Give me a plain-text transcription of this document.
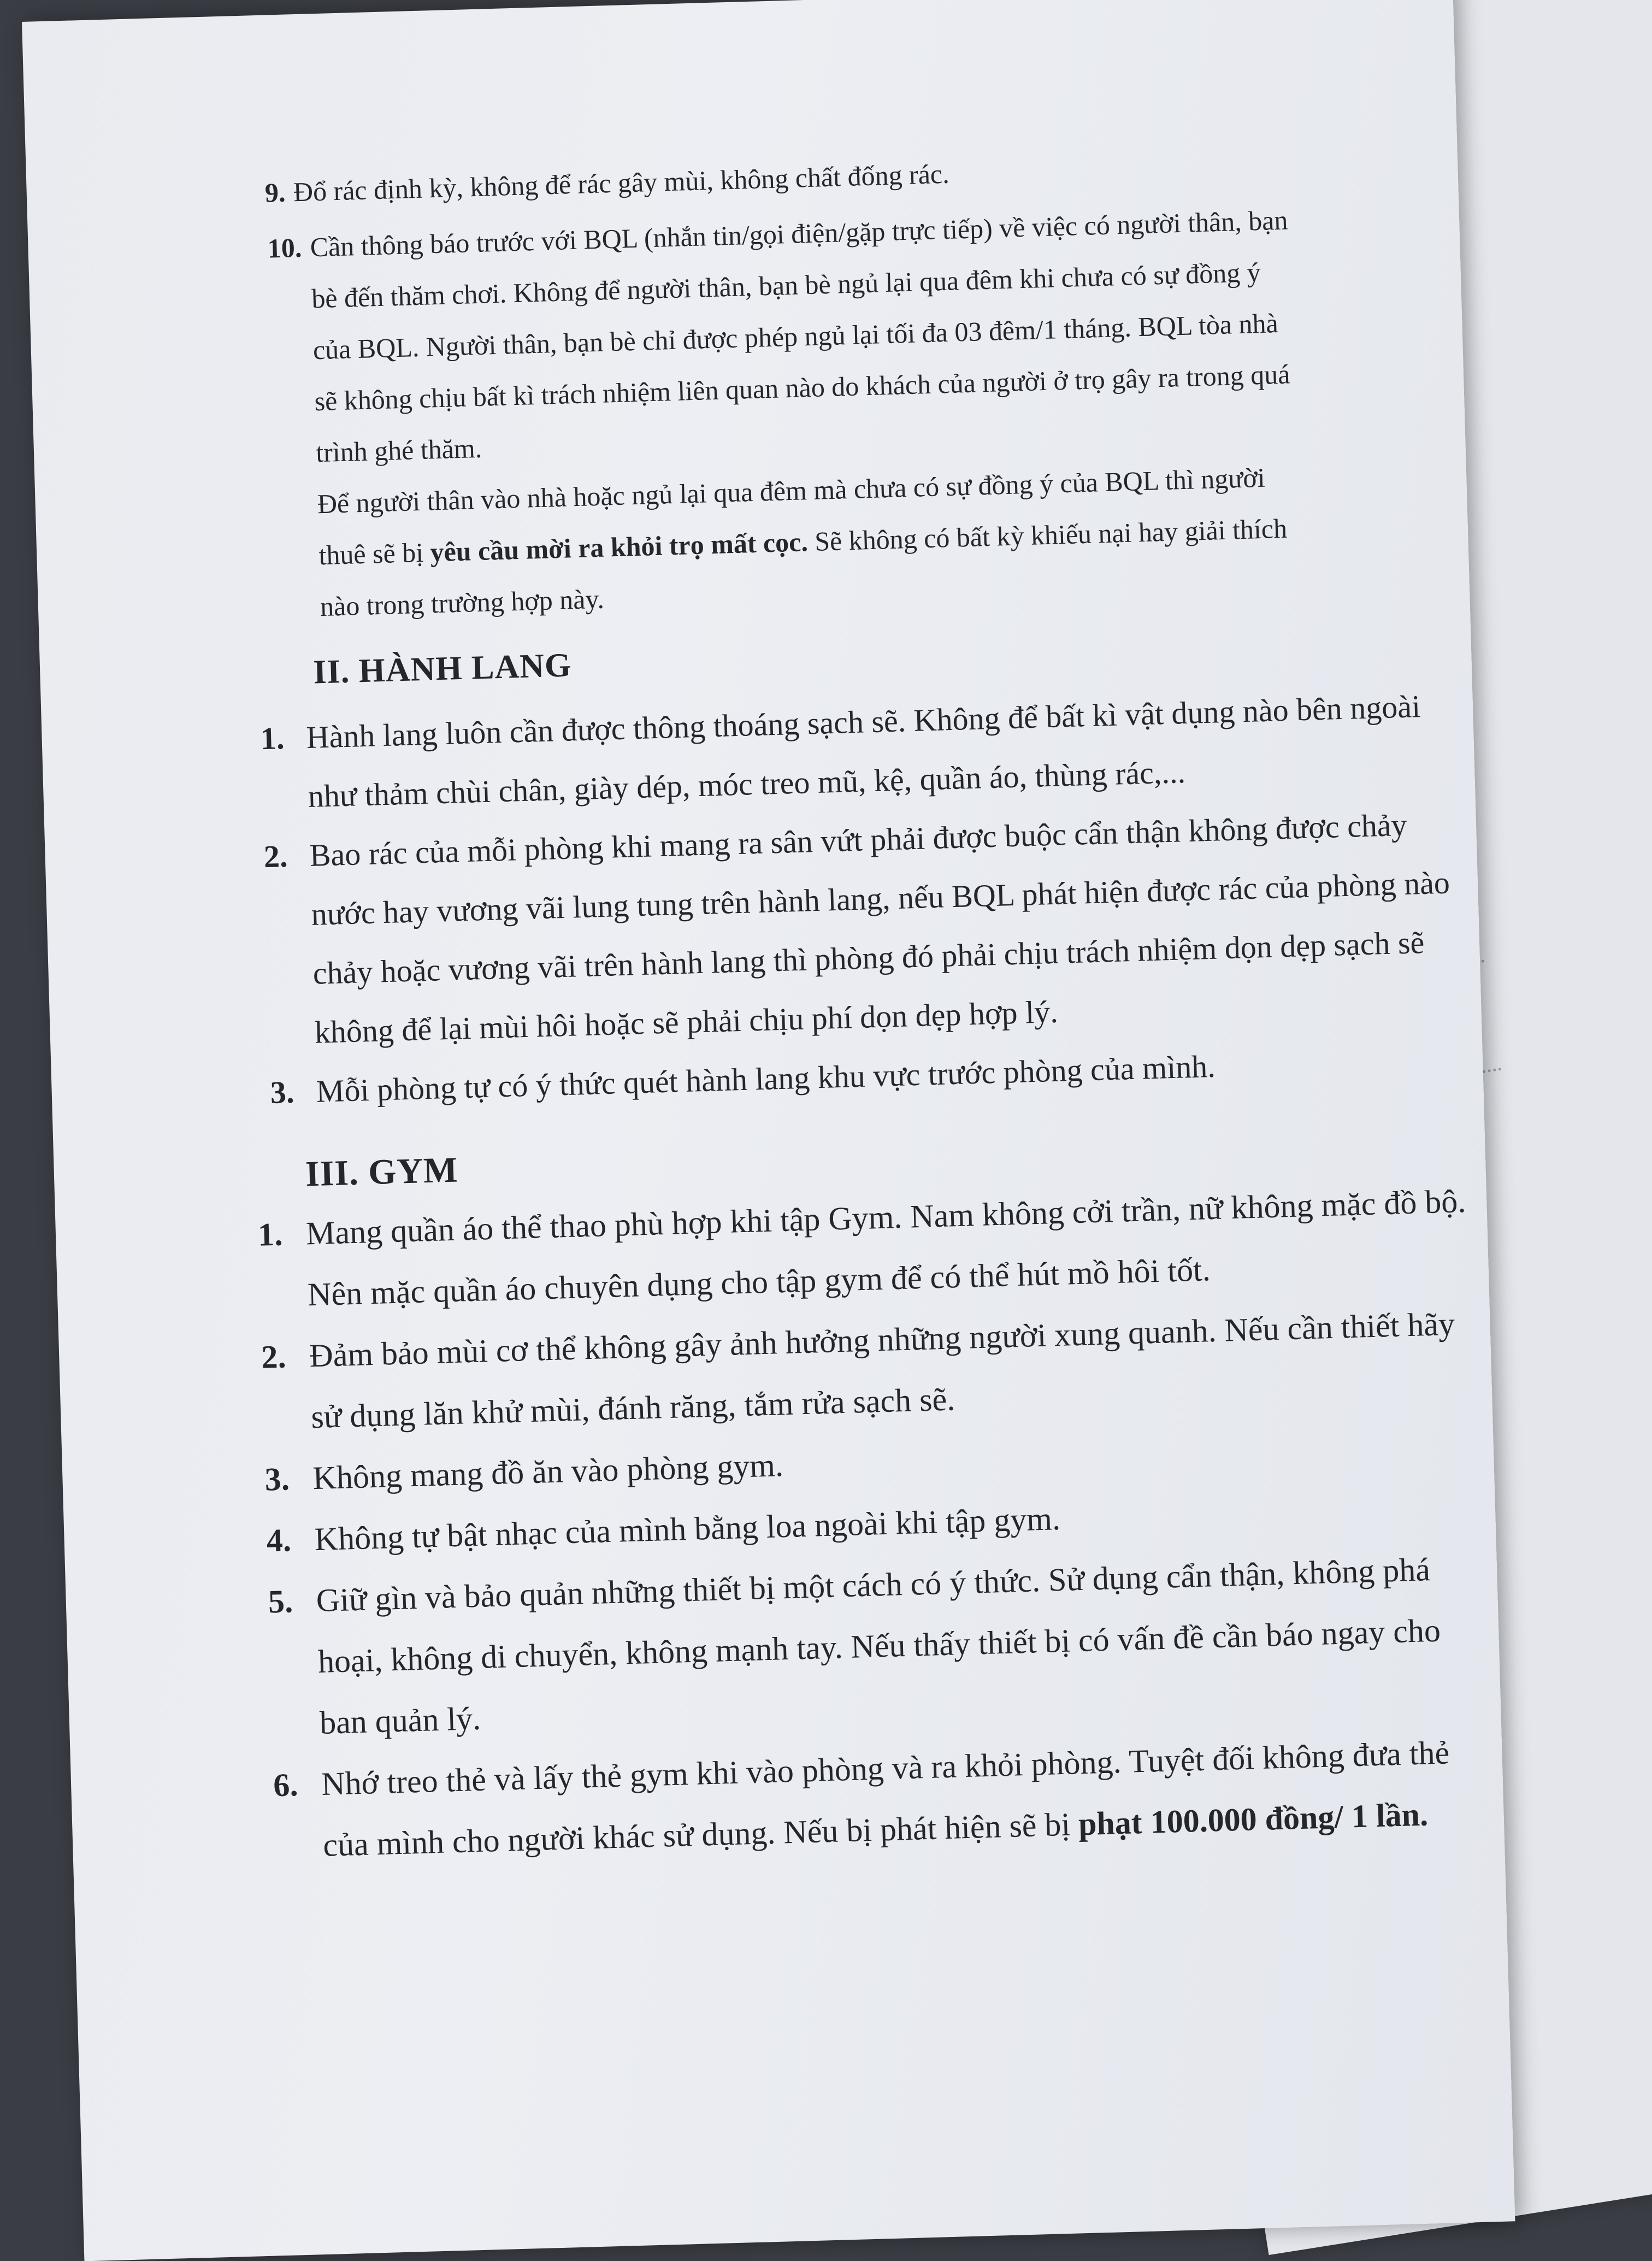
9. Đổ rác định kỳ, không để rác gây mùi, không chất đống rác.
10. Cần thông báo trước với BQL (nhắn tin/gọi điện/gặp trực tiếp) về việc có người thân, bạn
bè đến thăm chơi. Không để người thân, bạn bè ngủ lại qua đêm khi chưa có sự đồng ý
của BQL. Người thân, bạn bè chỉ được phép ngủ lại tối đa 03 đêm/1 tháng. BQL tòa nhà
sẽ không chịu bất kì trách nhiệm liên quan nào do khách của người ở trọ gây ra trong quá
trình ghé thăm.
Để người thân vào nhà hoặc ngủ lại qua đêm mà chưa có sự đồng ý của BQL thì người
thuê sẽ bị yêu cầu mời ra khỏi trọ mất cọc. Sẽ không có bất kỳ khiếu nại hay giải thích
nào trong trường hợp này.
II. HÀNH LANG
1. Hành lang luôn cần được thông thoáng sạch sẽ. Không để bất kì vật dụng nào bên ngoài
như thảm chùi chân, giày dép, móc treo mũ, kệ, quần áo, thùng rác,...
2. Bao rác của mỗi phòng khi mang ra sân vứt phải được buộc cẩn thận không được chảy
nước hay vương vãi lung tung trên hành lang, nếu BQL phát hiện được rác của phòng nào
chảy hoặc vương vãi trên hành lang thì phòng đó phải chịu trách nhiệm dọn dẹp sạch sẽ
không để lại mùi hôi hoặc sẽ phải chịu phí dọn dẹp hợp lý.
3. Mỗi phòng tự có ý thức quét hành lang khu vực trước phòng của mình.
III. GYM
1. Mang quần áo thể thao phù hợp khi tập Gym. Nam không cởi trần, nữ không mặc đồ bộ.
Nên mặc quần áo chuyên dụng cho tập gym để có thể hút mồ hôi tốt.
2. Đảm bảo mùi cơ thể không gây ảnh hưởng những người xung quanh. Nếu cần thiết hãy
sử dụng lăn khử mùi, đánh răng, tắm rửa sạch sẽ.
3. Không mang đồ ăn vào phòng gym.
4. Không tự bật nhạc của mình bằng loa ngoài khi tập gym.
5. Giữ gìn và bảo quản những thiết bị một cách có ý thức. Sử dụng cẩn thận, không phá
hoại, không di chuyển, không mạnh tay. Nếu thấy thiết bị có vấn đề cần báo ngay cho
ban quản lý.
6. Nhớ treo thẻ và lấy thẻ gym khi vào phòng và ra khỏi phòng. Tuyệt đối không đưa thẻ
của mình cho người khác sử dụng. Nếu bị phát hiện sẽ bị phạt 100.000 đồng/ 1 lần.
